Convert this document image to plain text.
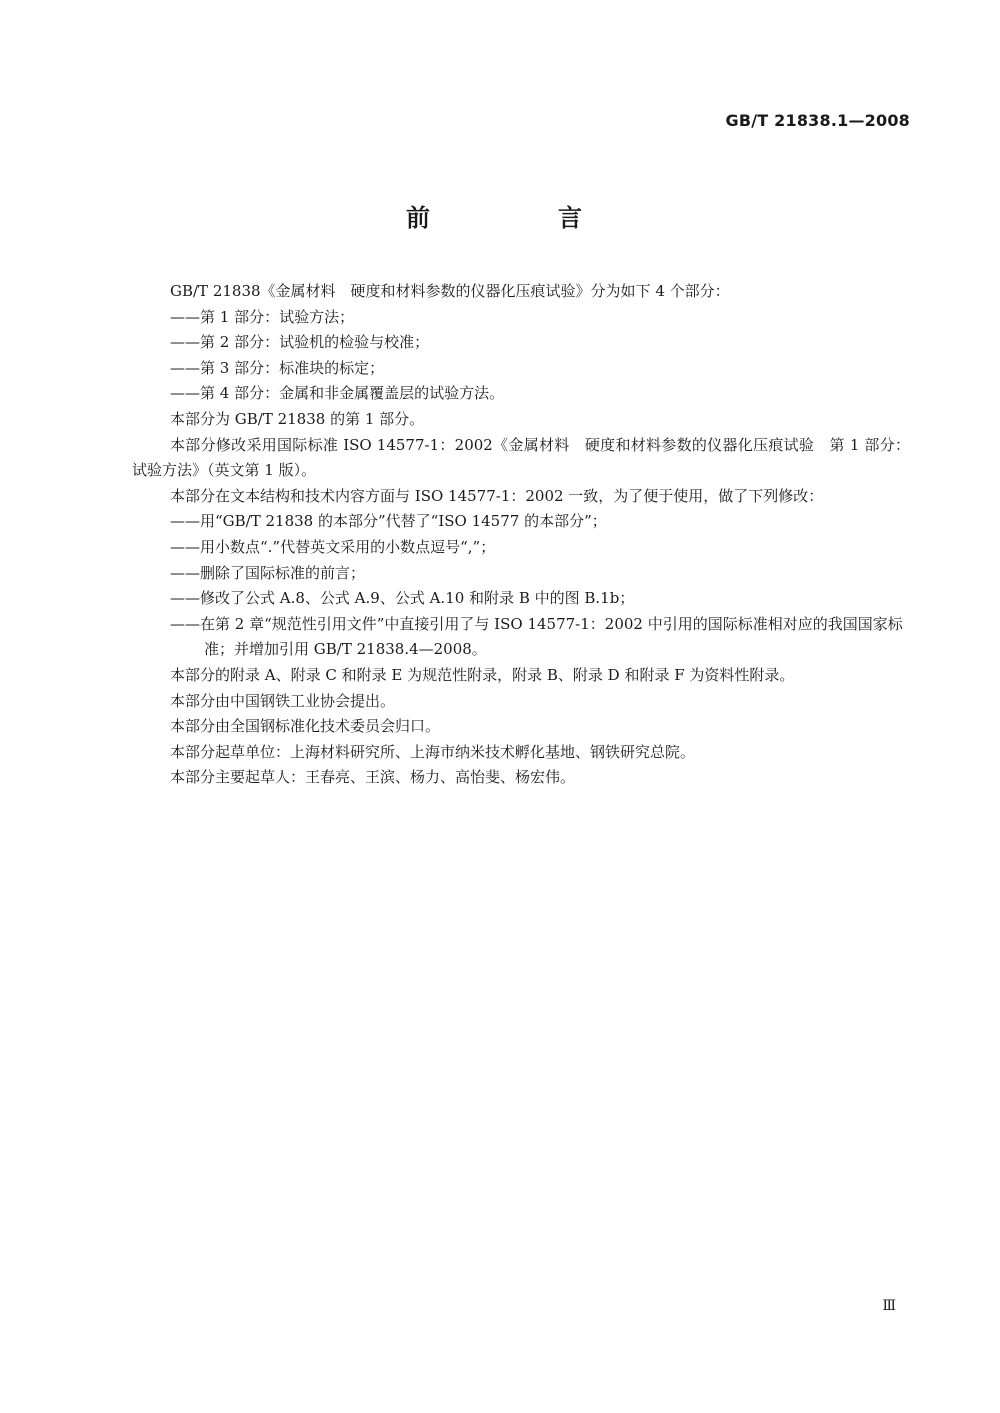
GB/T 21838.1—2008
前　言

GB/T 21838《金属材料　硬度和材料参数的仪器化压痕试验》分为如下 4 个部分：

——第 1 部分：试验方法；

——第 2 部分：试验机的检验与校准；

——第 3 部分：标准块的标定；

——第 4 部分：金属和非金属覆盖层的试验方法。

本部分为 GB/T 21838 的第 1 部分。

本部分修改采用国际标准 ISO 14577-1：2002《金属材料　硬度和材料参数的仪器化压痕试验　第 1 部分：试验方法》（英文第 1 版）。

本部分在文本结构和技术内容方面与 ISO 14577-1：2002 一致，为了便于使用，做了下列修改：

——用“GB/T 21838 的本部分”代替了“ISO 14577 的本部分”；

——用小数点“.”代替英文采用的小数点逗号“,”；

——删除了国际标准的前言；

——修改了公式 A.8、公式 A.9、公式 A.10 和附录 B 中的图 B.1b；

——在第 2 章“规范性引用文件”中直接引用了与 ISO 14577-1：2002 中引用的国际标准相对应的我国国家标准；并增加引用 GB/T 21838.4—2008。

本部分的附录 A、附录 C 和附录 E 为规范性附录，附录 B、附录 D 和附录 F 为资料性附录。

本部分由中国钢铁工业协会提出。

本部分由全国钢标准化技术委员会归口。

本部分起草单位：上海材料研究所、上海市纳米技术孵化基地、钢铁研究总院。

本部分主要起草人：王春亮、王滨、杨力、高怡斐、杨宏伟。

Ⅲ
